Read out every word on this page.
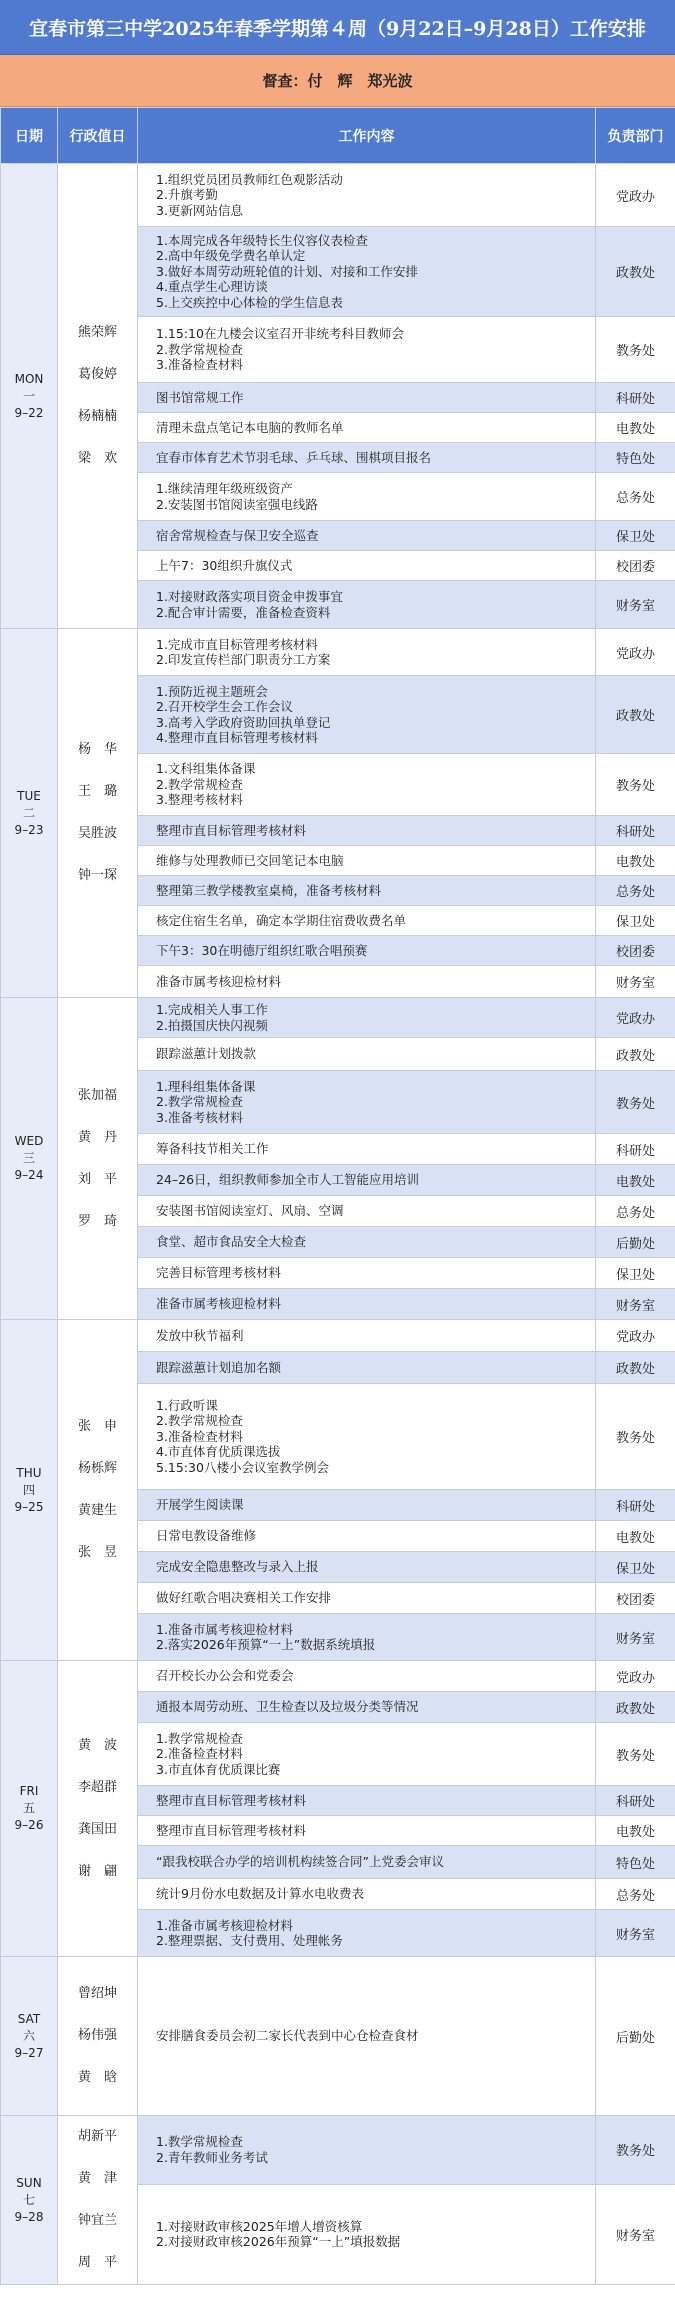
宜春市第三中学2025年春季学期第４周（9月22日–9月28日）工作安排
督查：付　辉　郑光波
日期	行政值日	工作内容	负责部门

MON
一
9–22	熊荣辉
葛俊婷
杨楠楠
梁　欢	1.组织党员团员教师红色观影活动
2.升旗考勤
3.更新网站信息	党政办

		1.本周完成各年级特长生仪容仪表检查
2.高中年级免学费名单认定
3.做好本周劳动班轮值的计划、对接和工作安排
4.重点学生心理访谈
5.上交疾控中心体检的学生信息表	政教处

		1.15:10在九楼会议室召开非统考科目教师会
2.教学常规检查
3.准备检查材料	教务处

		图书馆常规工作	科研处

		清理未盘点笔记本电脑的教师名单	电教处

		宜春市体育艺术节羽毛球、乒乓球、围棋项目报名	特色处

		1.继续清理年级班级资产
2.安装图书馆阅读室强电线路	总务处

		宿舍常规检查与保卫安全巡查	保卫处

		上午7：30组织升旗仪式	校团委

		1.对接财政落实项目资金申拨事宜
2.配合审计需要，准备检查资料	财务室

TUE
二
9–23	杨　华
王　璐
吴胜波
钟一琛	1.完成市直目标管理考核材料
2.印发宣传栏部门职责分工方案	党政办

		1.预防近视主题班会
2.召开校学生会工作会议
3.高考入学政府资助回执单登记
4.整理市直目标管理考核材料	政教处

		1.文科组集体备课
2.教学常规检查
3.整理考核材料	教务处

		整理市直目标管理考核材料	科研处

		维修与处理教师已交回笔记本电脑	电教处

		整理第三教学楼教室桌椅，准备考核材料	总务处

		核定住宿生名单，确定本学期住宿费收费名单	保卫处

		下午3：30在明德厅组织红歌合唱预赛	校团委

		准备市属考核迎检材料	财务室

WED
三
9–24	张加福
黄　丹
刘　平
罗　琦	1.完成相关人事工作
2.拍摄国庆快闪视频	党政办

		跟踪滋蕙计划拨款	政教处

		1.理科组集体备课
2.教学常规检查
3.准备考核材料	教务处

		筹备科技节相关工作	科研处

		24–26日，组织教师参加全市人工智能应用培训	电教处

		安装图书馆阅读室灯、风扇、空调	总务处

		食堂、超市食品安全大检查	后勤处

		完善目标管理考核材料	保卫处

		准备市属考核迎检材料	财务室

THU
四
9–25	张　申
杨栎辉
黄建生
张　昱	发放中秋节福利	党政办

		跟踪滋蕙计划追加名额	政教处

		1.行政听课
2.教学常规检查
3.准备检查材料
4.市直体育优质课选拔
5.15:30八楼小会议室教学例会	教务处

		开展学生阅读课	科研处

		日常电教设备维修	电教处

		完成安全隐患整改与录入上报	保卫处

		做好红歌合唱决赛相关工作安排	校团委

		1.准备市属考核迎检材料
2.落实2026年预算“一上”数据系统填报	财务室

FRI
五
9–26	黄　波
李超群
龚国田
谢　翩	召开校长办公会和党委会	党政办

		通报本周劳动班、卫生检查以及垃圾分类等情况	政教处

		1.教学常规检查
2.准备检查材料
3.市直体育优质课比赛	教务处

		整理市直目标管理考核材料	科研处

		整理市直目标管理考核材料	电教处

		“跟我校联合办学的培训机构续签合同”上党委会审议	特色处

		统计9月份水电数据及计算水电收费表	总务处

		1.准备市属考核迎检材料
2.整理票据、支付费用、处理帐务	财务室

SAT
六
9–27	曾绍坤
杨伟强
黄　晗	安排膳食委员会初二家长代表到中心仓检查食材	后勤处

SUN
七
9–28	胡新平
黄　津
钟宜兰
周　平	1.教学常规检查
2.青年教师业务考试	教务处

		1.对接财政审核2025年增人增资核算
2.对接财政审核2026年预算“一上”填报数据	财务室
